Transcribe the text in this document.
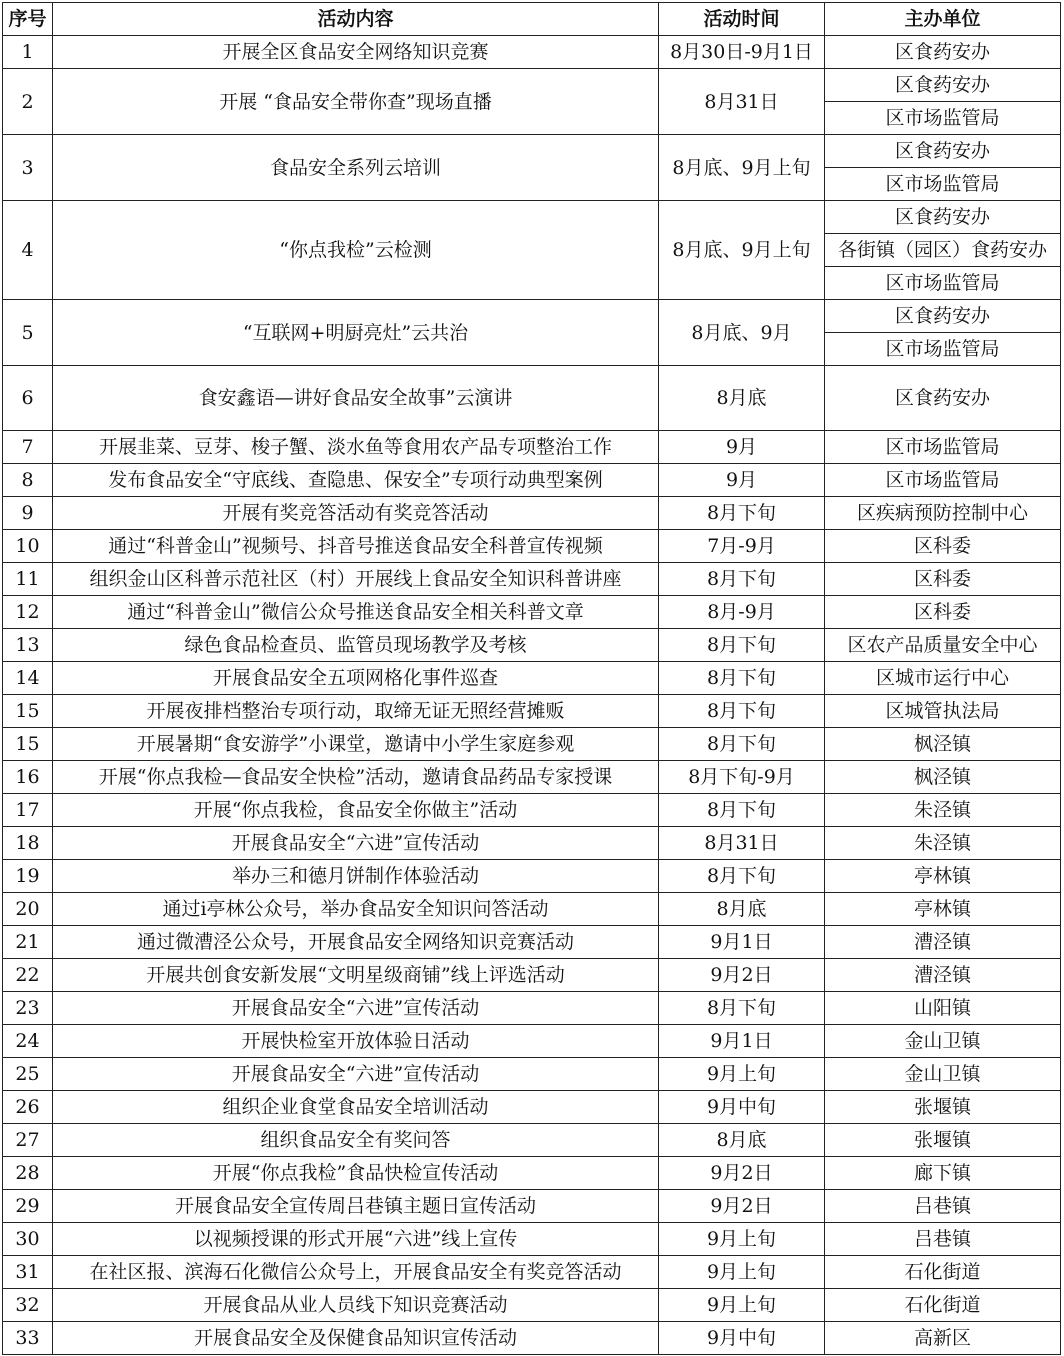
序号	活动内容	活动时间	主办单位
1	开展全区食品安全网络知识竞赛	8月30日-9月1日	区食药安办
2	开展 “食品安全带你查”现场直播	8月31日	区食药安办
			区市场监管局
3	食品安全系列云培训	8月底、9月上旬	区食药安办
			区市场监管局
4	“你点我检”云检测	8月底、9月上旬	区食药安办
			各街镇（园区）食药安办
			区市场监管局
5	“互联网+明厨亮灶”云共治	8月底、9月	区食药安办
			区市场监管局
6	食安鑫语—讲好食品安全故事”云演讲	8月底	区食药安办
7	开展韭菜、豆芽、梭子蟹、淡水鱼等食用农产品专项整治工作	9月	区市场监管局
8	发布食品安全“守底线、查隐患、保安全”专项行动典型案例	9月	区市场监管局
9	开展有奖竞答活动有奖竞答活动	8月下旬	区疾病预防控制中心
10	通过“科普金山”视频号、抖音号推送食品安全科普宣传视频	7月-9月	区科委
11	组织金山区科普示范社区（村）开展线上食品安全知识科普讲座	8月下旬	区科委
12	通过“科普金山”微信公众号推送食品安全相关科普文章	8月-9月	区科委
13	绿色食品检查员、监管员现场教学及考核	8月下旬	区农产品质量安全中心
14	开展食品安全五项网格化事件巡查	8月下旬	区城市运行中心
15	开展夜排档整治专项行动，取缔无证无照经营摊贩	8月下旬	区城管执法局
15	开展暑期“食安游学”小课堂，邀请中小学生家庭参观	8月下旬	枫泾镇
16	开展“你点我检—食品安全快检”活动，邀请食品药品专家授课	8月下旬-9月	枫泾镇
17	开展“你点我检，食品安全你做主”活动	8月下旬	朱泾镇
18	开展食品安全“六进”宣传活动	8月31日	朱泾镇
19	举办三和德月饼制作体验活动	8月下旬	亭林镇
20	通过i亭林公众号，举办食品安全知识问答活动	8月底	亭林镇
21	通过微漕泾公众号，开展食品安全网络知识竞赛活动	9月1日	漕泾镇
22	开展共创食安新发展“文明星级商铺”线上评选活动	9月2日	漕泾镇
23	开展食品安全“六进”宣传活动	8月下旬	山阳镇
24	开展快检室开放体验日活动	9月1日	金山卫镇
25	开展食品安全“六进”宣传活动	9月上旬	金山卫镇
26	组织企业食堂食品安全培训活动	9月中旬	张堰镇
27	组织食品安全有奖问答	8月底	张堰镇
28	开展“你点我检”食品快检宣传活动	9月2日	廊下镇
29	开展食品安全宣传周吕巷镇主题日宣传活动	9月2日	吕巷镇
30	以视频授课的形式开展“六进”线上宣传	9月上旬	吕巷镇
31	在社区报、滨海石化微信公众号上，开展食品安全有奖竞答活动	9月上旬	石化街道
32	开展食品从业人员线下知识竞赛活动	9月上旬	石化街道
33	开展食品安全及保健食品知识宣传活动	9月中旬	高新区
